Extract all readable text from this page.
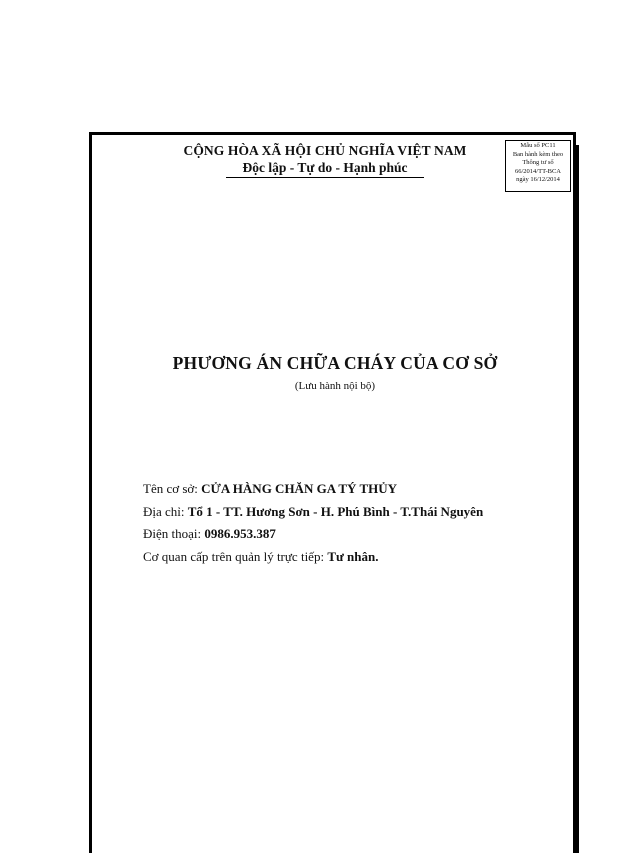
CỘNG HÒA XÃ HỘI CHỦ NGHĨA VIỆT NAM
Độc lập - Tự do - Hạnh phúc
Mẫu số PC11
Ban hành kèm theo
Thông tư số
66/2014/TT-BCA
ngày 16/12/2014
PHƯƠNG ÁN CHỮA CHÁY CỦA CƠ SỞ
(Lưu hành nội bộ)
Tên cơ sở: CỬA HÀNG CHĂN GA TÝ THỦY
Địa chỉ: Tổ 1 - TT. Hương Sơn - H. Phú Bình - T.Thái Nguyên
Điện thoại: 0986.953.387
Cơ quan cấp trên quản lý trực tiếp: Tư nhân.
